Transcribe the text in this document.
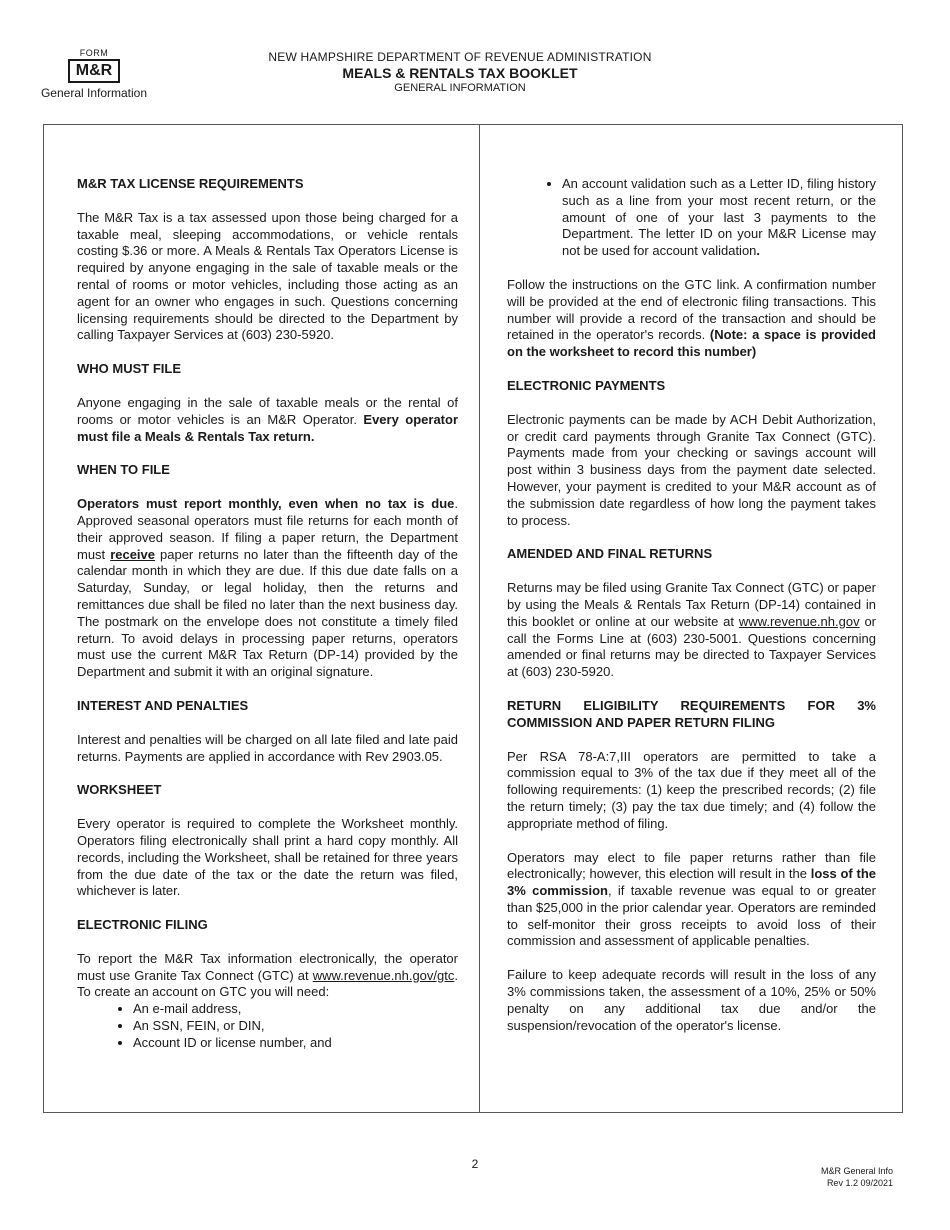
FORM
M&R
General Information
NEW HAMPSHIRE DEPARTMENT OF REVENUE ADMINISTRATION
MEALS & RENTALS TAX BOOKLET
GENERAL INFORMATION
M&R TAX LICENSE REQUIREMENTS

The M&R Tax is a tax assessed upon those being charged for a taxable meal, sleeping accommodations, or vehicle rentals costing $.36 or more. A Meals & Rentals Tax Operators License is required by anyone engaging in the sale of taxable meals or the rental of rooms or motor vehicles, including those acting as an agent for an owner who engages in such. Questions concerning licensing requirements should be directed to the Department by calling Taxpayer Services at (603) 230-5920.

WHO MUST FILE

Anyone engaging in the sale of taxable meals or the rental of rooms or motor vehicles is an M&R Operator. Every operator must file a Meals & Rentals Tax return.

WHEN TO FILE

Operators must report monthly, even when no tax is due. Approved seasonal operators must file returns for each month of their approved season. If filing a paper return, the Department must receive paper returns no later than the fifteenth day of the calendar month in which they are due. If this due date falls on a Saturday, Sunday, or legal holiday, then the returns and remittances due shall be filed no later than the next business day. The postmark on the envelope does not constitute a timely filed return. To avoid delays in processing paper returns, operators must use the current M&R Tax Return (DP-14) provided by the Department and submit it with an original signature.

INTEREST AND PENALTIES

Interest and penalties will be charged on all late filed and late paid returns. Payments are applied in accordance with Rev 2903.05.

WORKSHEET

Every operator is required to complete the Worksheet monthly. Operators filing electronically shall print a hard copy monthly. All records, including the Worksheet, shall be retained for three years from the due date of the tax or the date the return was filed, whichever is later.

ELECTRONIC FILING

To report the M&R Tax information electronically, the operator must use Granite Tax Connect (GTC) at www.revenue.nh.gov/gtc. To create an account on GTC you will need:

• An e-mail address,
• An SSN, FEIN, or DIN,
• Account ID or license number, and
• An account validation such as a Letter ID, filing history such as a line from your most recent return, or the amount of one of your last 3 payments to the Department. The letter ID on your M&R License may not be used for account validation.

Follow the instructions on the GTC link. A confirmation number will be provided at the end of electronic filing transactions. This number will provide a record of the transaction and should be retained in the operator's records. (Note: a space is provided on the worksheet to record this number)

ELECTRONIC PAYMENTS

Electronic payments can be made by ACH Debit Authorization, or credit card payments through Granite Tax Connect (GTC). Payments made from your checking or savings account will post within 3 business days from the payment date selected. However, your payment is credited to your M&R account as of the submission date regardless of how long the payment takes to process.

AMENDED AND FINAL RETURNS

Returns may be filed using Granite Tax Connect (GTC) or paper by using the Meals & Rentals Tax Return (DP-14) contained in this booklet or online at our website at www.revenue.nh.gov or call the Forms Line at (603) 230-5001. Questions concerning amended or final returns may be directed to Taxpayer Services at (603) 230-5920.

RETURN ELIGIBILITY REQUIREMENTS FOR 3% COMMISSION AND PAPER RETURN FILING

Per RSA 78-A:7,III operators are permitted to take a commission equal to 3% of the tax due if they meet all of the following requirements: (1) keep the prescribed records; (2) file the return timely; (3) pay the tax due timely; and (4) follow the appropriate method of filing.

Operators may elect to file paper returns rather than file electronically; however, this election will result in the loss of the 3% commission, if taxable revenue was equal to or greater than $25,000 in the prior calendar year. Operators are reminded to self-monitor their gross receipts to avoid loss of their commission and assessment of applicable penalties.

Failure to keep adequate records will result in the loss of any 3% commissions taken, the assessment of a 10%, 25% or 50% penalty on any additional tax due and/or the suspension/revocation of the operator's license.

2	M&R General Info
Rev 1.2 09/2021
